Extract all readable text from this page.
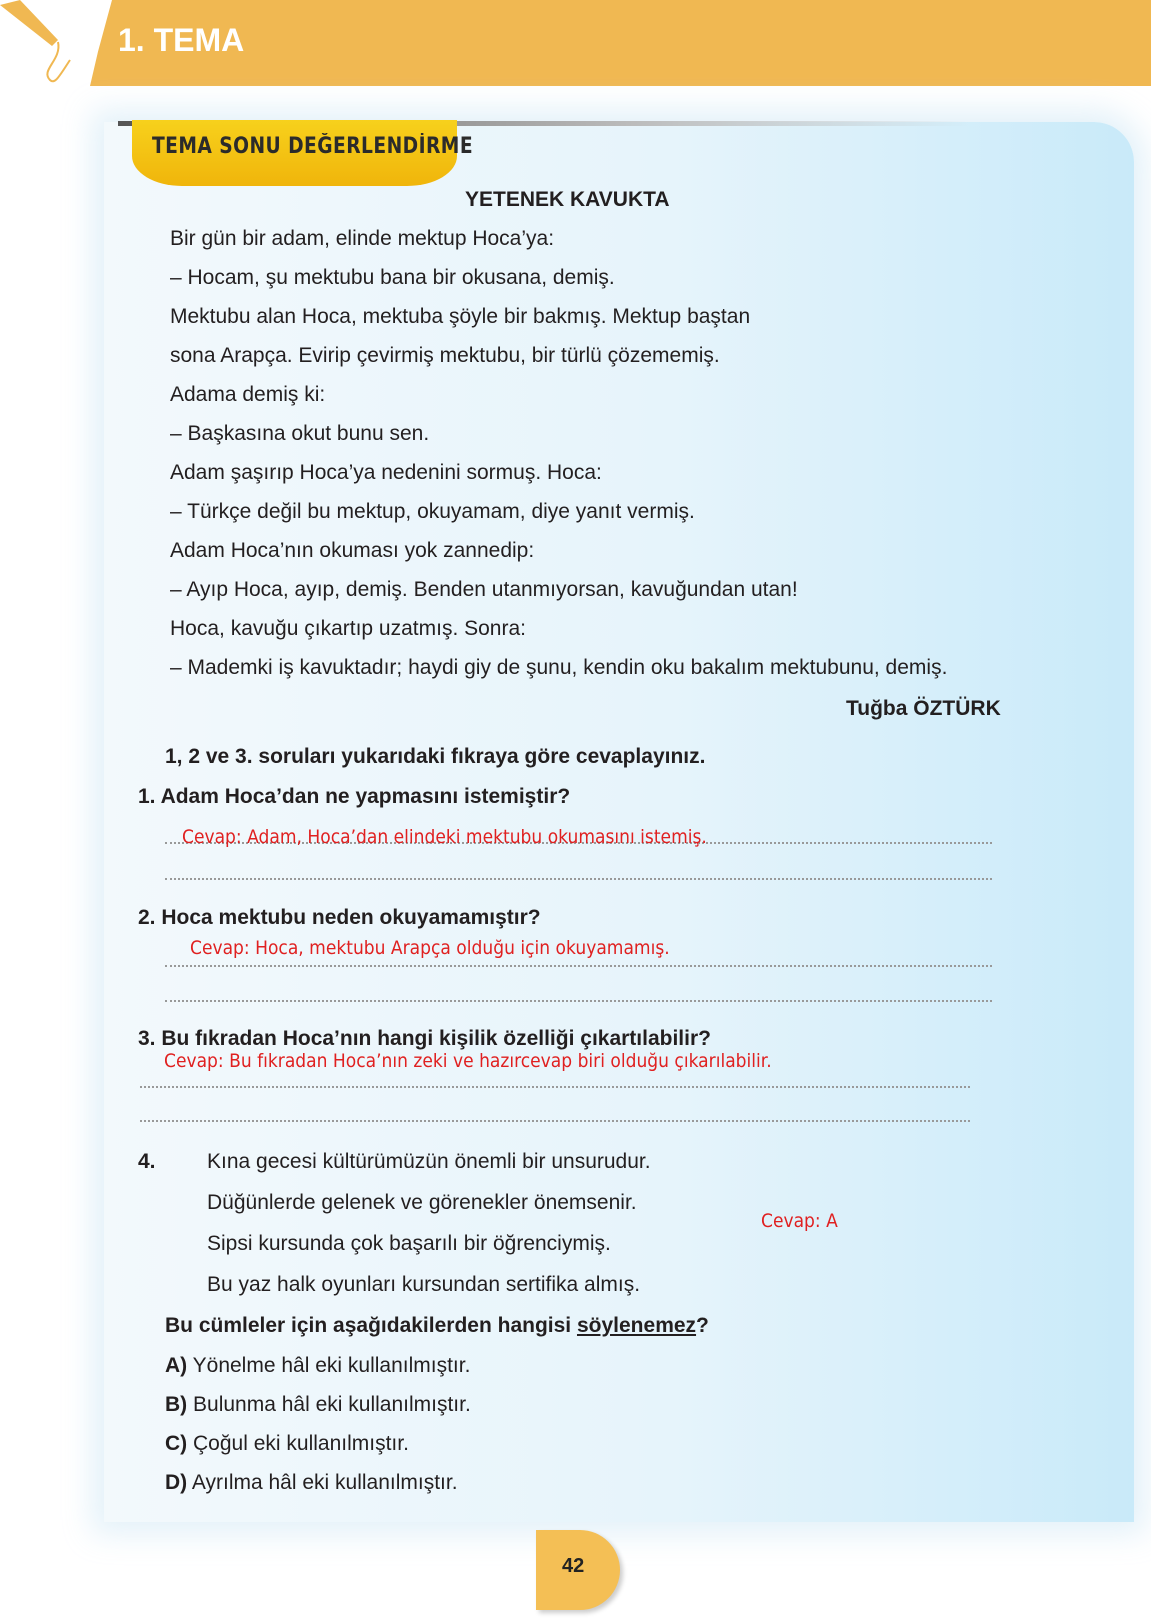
1. TEMA
TEMA SONU DEĞERLENDİRME
YETENEK KAVUKTA
Bir gün bir adam, elinde mektup Hoca’ya:
– Hocam, şu mektubu bana bir okusana, demiş.
Mektubu alan Hoca, mektuba şöyle bir bakmış. Mektup baştan
sona Arapça. Evirip çevirmiş mektubu, bir türlü çözememiş.
Adama demiş ki:
– Başkasına okut bunu sen.
Adam şaşırıp Hoca’ya nedenini sormuş. Hoca:
– Türkçe değil bu mektup, okuyamam, diye yanıt vermiş.
Adam Hoca’nın okuması yok zannedip:
– Ayıp Hoca, ayıp, demiş. Benden utanmıyorsan, kavuğundan utan!
Hoca, kavuğu çıkartıp uzatmış. Sonra:
– Mademki iş kavuktadır; haydi giy de şunu, kendin oku bakalım mektubunu, demiş.
Tuğba ÖZTÜRK
1, 2 ve 3. soruları yukarıdaki fıkraya göre cevaplayınız.
1. Adam Hoca’dan ne yapmasını istemiştir?
Cevap: Adam, Hoca’dan elindeki mektubu okumasını istemiş.
2. Hoca mektubu neden okuyamamıştır?
Cevap: Hoca, mektubu Arapça olduğu için okuyamamış.
3. Bu fıkradan Hoca’nın hangi kişilik özelliği çıkartılabilir?
Cevap: Bu fıkradan Hoca’nın zeki ve hazırcevap biri olduğu çıkarılabilir.
4. Kına gecesi kültürümüzün önemli bir unsurudur.
Düğünlerde gelenek ve görenekler önemsenir.
Sipsi kursunda çok başarılı bir öğrenciymiş.
Bu yaz halk oyunları kursundan sertifika almış.
Cevap: A
Bu cümleler için aşağıdakilerden hangisi söylenemez?
A) Yönelme hâl eki kullanılmıştır.
B) Bulunma hâl eki kullanılmıştır.
C) Çoğul eki kullanılmıştır.
D) Ayrılma hâl eki kullanılmıştır.
42
